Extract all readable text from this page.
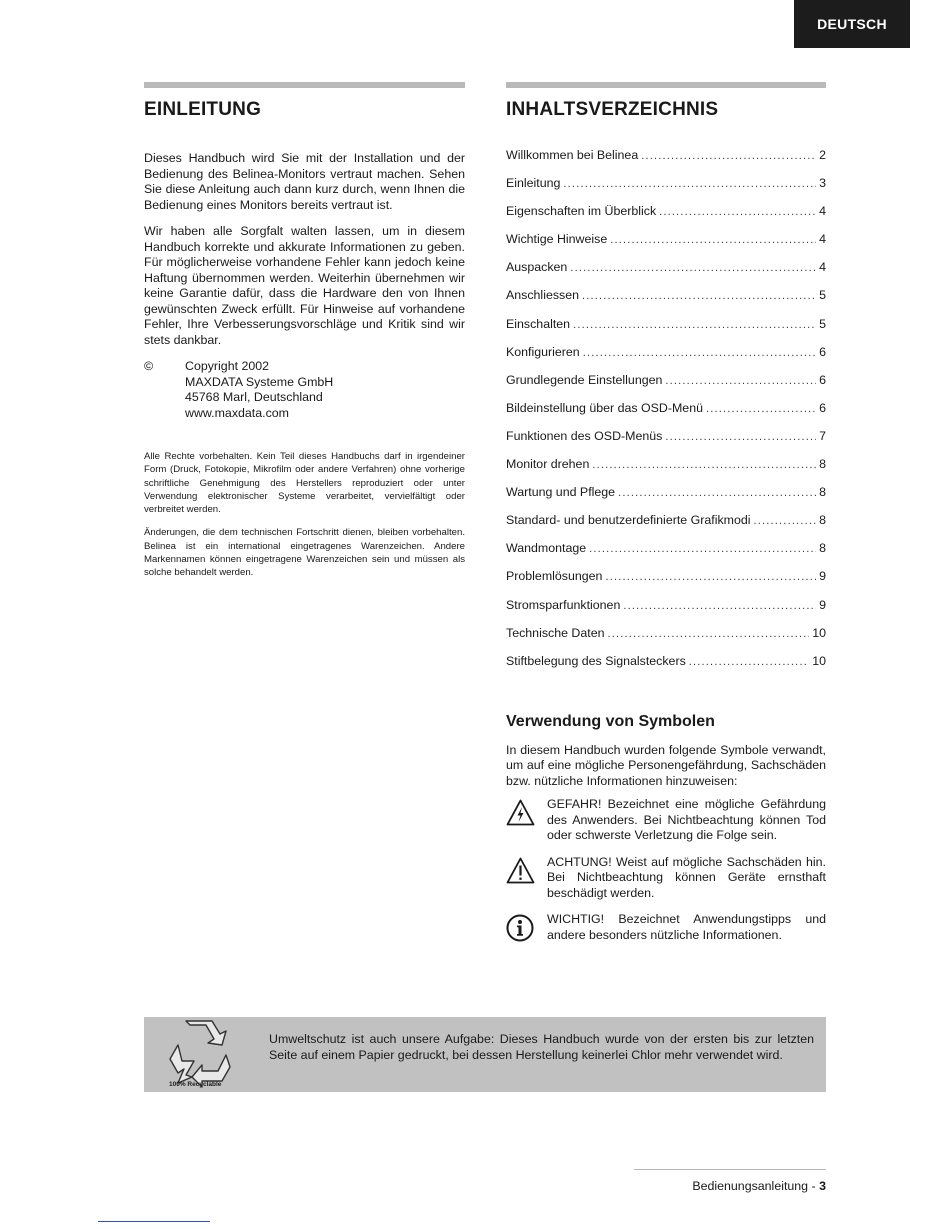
DEUTSCH
EINLEITUNG

Dieses Handbuch wird Sie mit der Installation und der Bedienung des Belinea-Monitors vertraut machen. Sehen Sie diese Anleitung auch dann kurz durch, wenn Ihnen die Bedienung eines Monitors bereits vertraut ist.

Wir haben alle Sorgfalt walten lassen, um in diesem Handbuch korrekte und akkurate Informationen zu geben. Für möglicherweise vorhandene Fehler kann jedoch keine Haftung übernommen werden. Weiterhin übernehmen wir keine Garantie dafür, dass die Hardware den von Ihnen gewünschten Zweck erfüllt. Für Hinweise auf vorhandene Fehler, Ihre Verbesserungsvorschläge und Kritik sind wir stets dankbar.

©	Copyright 2002
MAXDATA Systeme GmbH
45768 Marl, Deutschland
www.maxdata.com

Alle Rechte vorbehalten. Kein Teil dieses Handbuchs darf in irgendeiner Form (Druck, Fotokopie, Mikrofilm oder andere Verfahren) ohne vorherige schriftliche Genehmigung des Herstellers reproduziert oder unter Verwendung elektronischer Systeme verarbeitet, vervielfältigt oder verbreitet werden.

Änderungen, die dem technischen Fortschritt dienen, bleiben vorbehalten. Belinea ist ein international eingetragenes Warenzeichen. Andere Markennamen können eingetragene Warenzeichen sein und müssen als solche behandelt werden.

INHALTSVERZEICHNIS
Willkommen bei Belinea .....	2
Einleitung .....	3
Eigenschaften im Überblick .....	4
Wichtige Hinweise .....	4
Auspacken .....	4
Anschliessen .....	5
Einschalten .....	5
Konfigurieren .....	6
Grundlegende Einstellungen .....	6
Bildeinstellung über das OSD-Menü .....	6
Funktionen des OSD-Menüs .....	7
Monitor drehen .....	8
Wartung und Pflege .....	8
Standard- und benutzerdefinierte Grafikmodi .....	8
Wandmontage .....	8
Problemlösungen .....	9
Stromsparfunktionen .....	9
Technische Daten .....	10
Stiftbelegung des Signalsteckers .....	10
Verwendung von Symbolen

In diesem Handbuch wurden folgende Symbole verwandt, um auf eine mögliche Personengefährdung, Sachschäden bzw. nützliche Informationen hinzuweisen:

GEFAHR! Bezeichnet eine mögliche Gefährdung des Anwenders. Bei Nichtbeachtung können Tod oder schwerste Verletzung die Folge sein.
ACHTUNG! Weist auf mögliche Sachschäden hin. Bei Nichtbeachtung können Geräte ernsthaft beschädigt werden.
WICHTIG! Bezeichnet Anwendungstipps und andere besonders nützliche Informationen.
100% Recyclable

Umweltschutz ist auch unsere Aufgabe: Dieses Handbuch wurde von der ersten bis zur letzten Seite auf einem Papier gedruckt, bei dessen Herstellung keinerlei Chlor mehr verwendet wird.

Bedienungsanleitung - 3
